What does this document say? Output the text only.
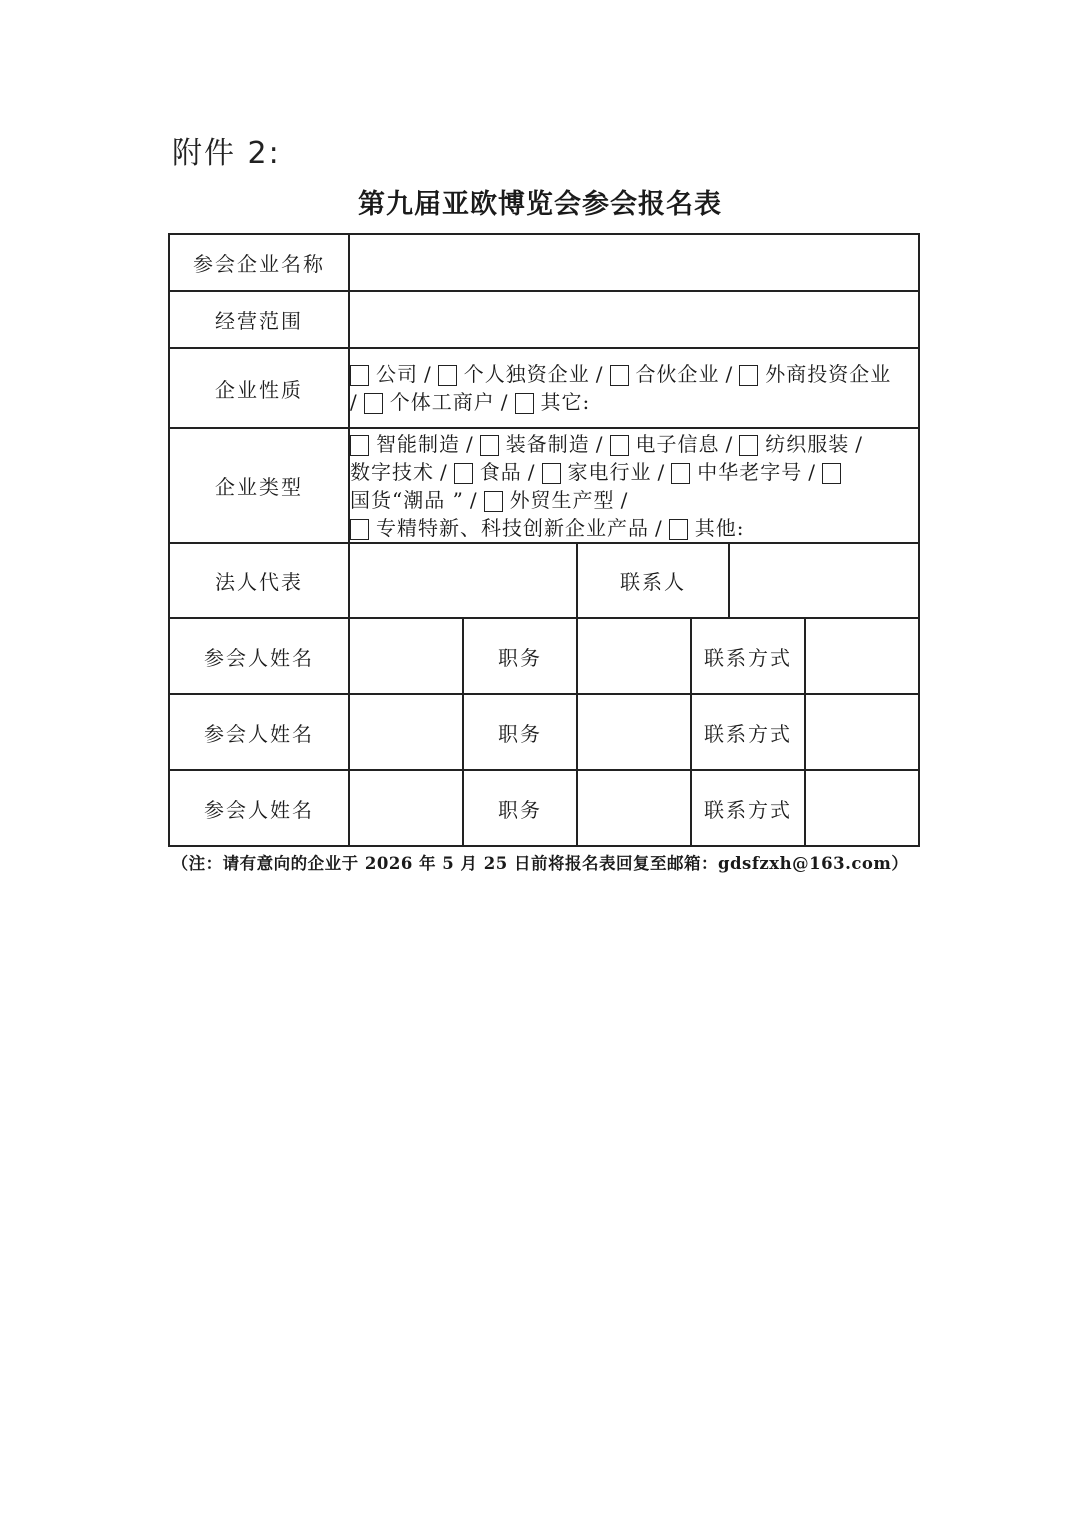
附件 2:
第九届亚欧博览会参会报名表
参会企业名称						
经营范围						
企业性质	公司 / 个人独资企业 / 合伙企业 / 外商投资企业
/ 个体工商户 / 其它:					
企业类型	智能制造 / 装备制造 / 电子信息 / 纺织服装 /
数字技术 / 食品 / 家电行业 / 中华老字号 /
国货“潮品 ” / 外贸生产型 /专精特新、科技创新企业产品 / 其他:					
法人代表			联系人			
参会人姓名		职务		联系方式		
参会人姓名		职务		联系方式		
参会人姓名		职务		联系方式		
（注：请有意向的企业于 2026 年 5 月 25 日前将报名表回复至邮箱：gdsfzxh@163.com）
